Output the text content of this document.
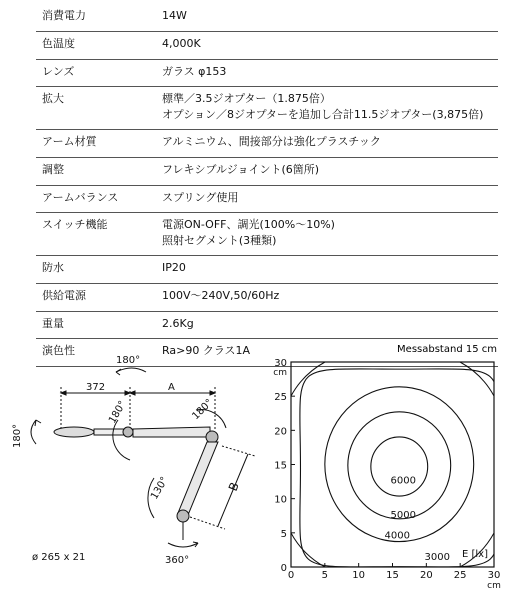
消費電力	14W
色温度	4,000K
レンズ	ガラス φ153
拡大	標準／3.5ジオプター（1.875倍）
オプション／8ジオプターを追加し合計11.5ジオプター(3,875倍)
アーム材質	アルミニウム、間接部分は強化プラスチック
調整	フレキシブルジョイント(6箇所)
アームバランス	スプリング使用
スイッチ機能	電源ON-OFF、調光(100%〜10%)
照射セグメント(3種類)
防水	IP20
供給電源	100V〜240V,50/60Hz
重量	2.6Kg
演色性	Ra>90 クラス1A
180°
372	A
ø 265 x 21	360°
180°
180°	180°
130°	B
Messabstand 15 cm
0	5 10 15 20 25 30
0
5
10
15
20
25
30
cm
cm
6000
5000
4000
3000 E [lx]
